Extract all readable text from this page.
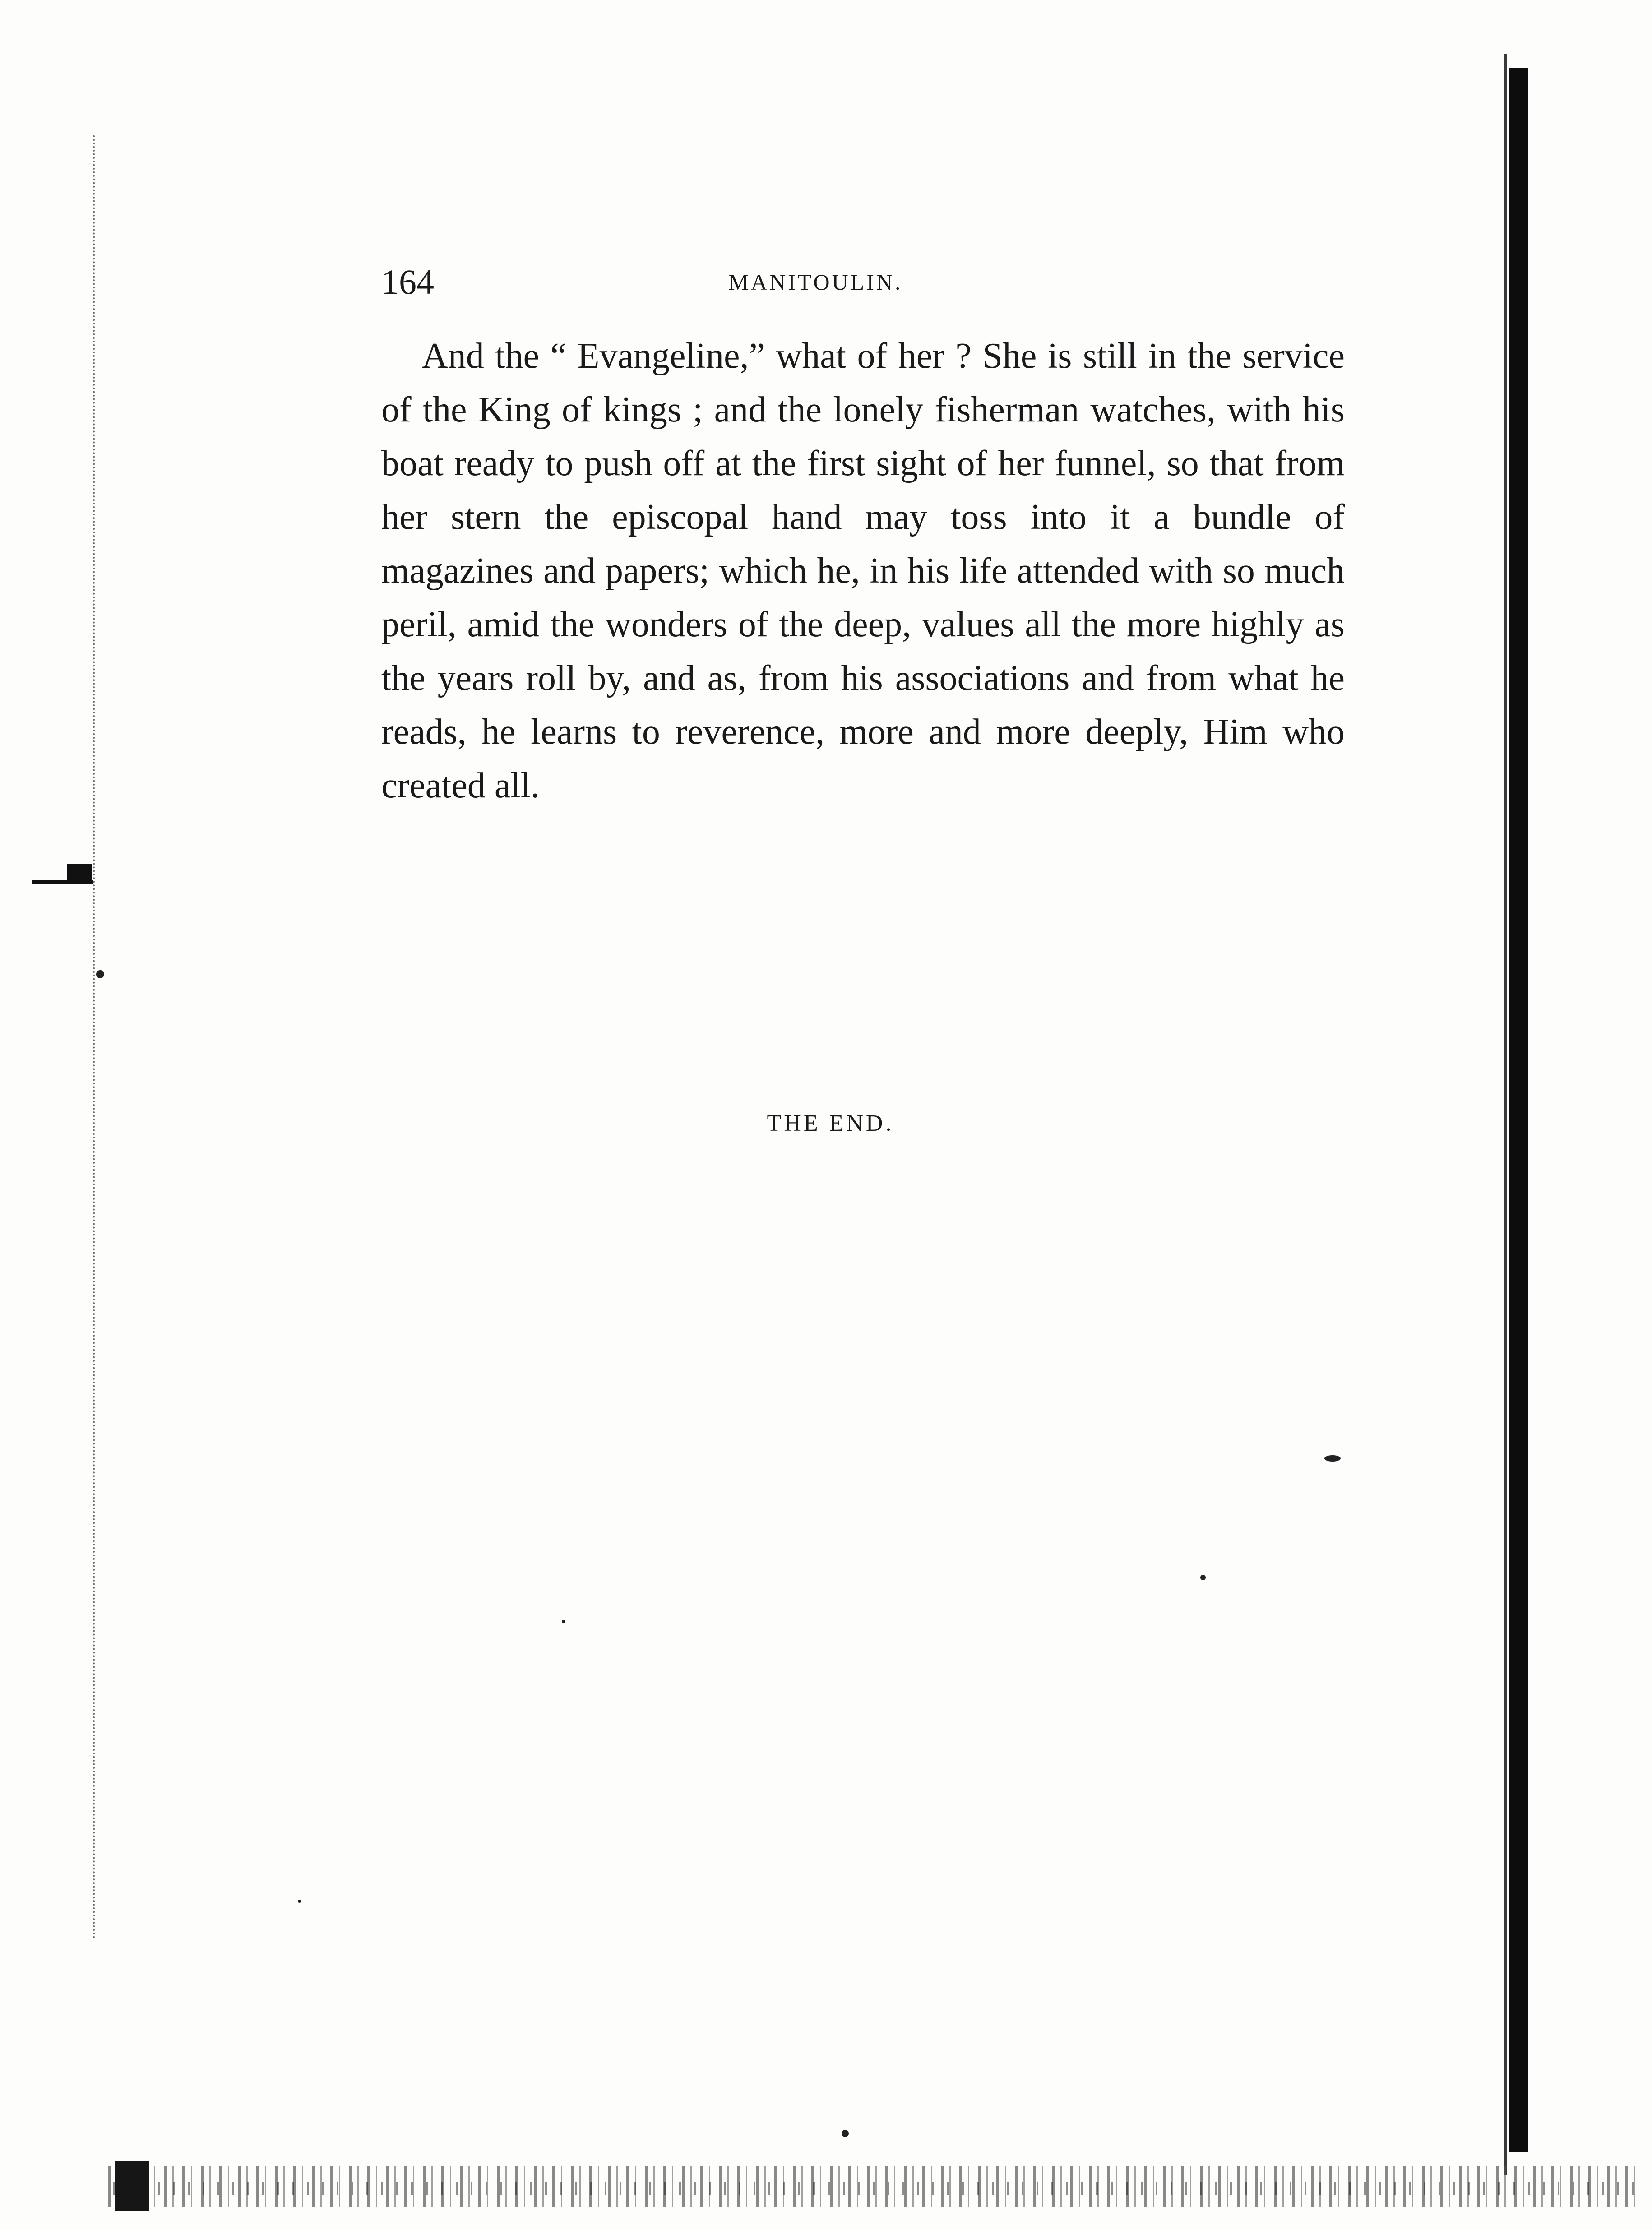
164	MANITOULIN.

And the “ Evangeline,” what of her ? She is still in the service of the King of kings ; and the lonely fisherman watches, with his boat ready to push off at the first sight of her funnel, so that from her stern the episcopal hand may toss into it a bundle of magazines and papers; which he, in his life attended with so much peril, amid the wonders of the deep, values all the more highly as the years roll by, and as, from his associations and from what he reads, he learns to reverence, more and more deeply, Him who created all.

THE END.
